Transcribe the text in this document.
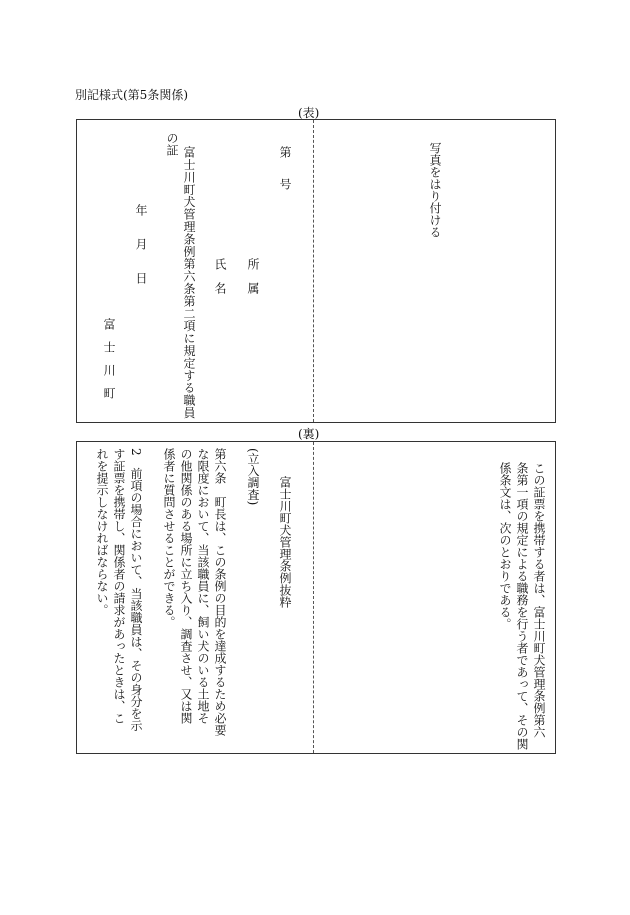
別記様式(第5条関係)
(表)
第
号
所　属
氏　名
富士川町犬管理条例第六条第二項に規定する職員
の証
年
月
日
富士川町
写真をはり付ける
(裏)
この証票を携帯する者は、富士川町犬管理条例第六
条第一項の規定による職務を行う者であって、その関
係条文は、次のとおりである。
富士川町犬管理条例抜粋
(立入調査)
第六条　町長は、この条例の目的を達成するため必要
な限度において、当該職員に、飼い犬のいる土地そ
の他関係のある場所に立ち入り、調査させ、又は関
係者に質問させることができる。
2　前項の場合において、当該職員は、その身分を示
す証票を携帯し、関係者の請求があったときは、こ
れを提示しなければならない。
